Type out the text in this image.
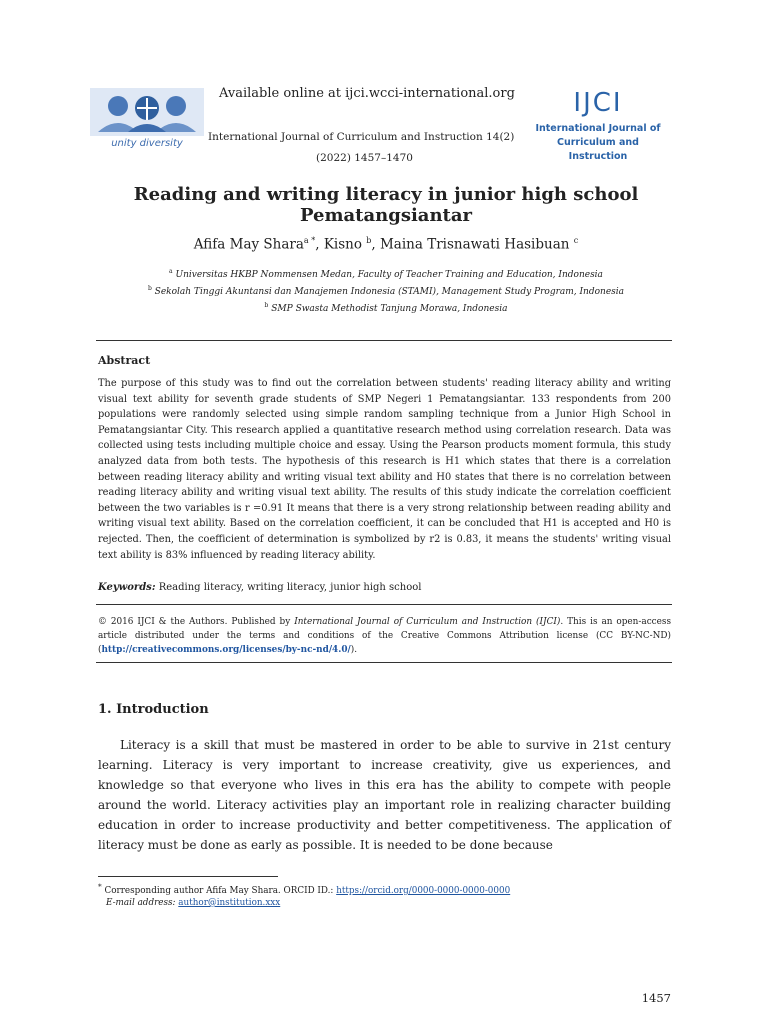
unity diversity
Available online at ijci.wcci-international.org
International Journal of Curriculum and Instruction 14(2)
(2022) 1457–1470
IJCI
International Journal of
Curriculum and Instruction
Reading and writing literacy in junior high school Pematangsiantar
Afifa May Shara$^{a *}$, Kisno $^b$, Maina Trisnawati Hasibuan $^c$
$^a$ Universitas HKBP Nommensen Medan, Faculty of Teacher Training and Education, Indonesia
$^b$ Sekolah Tinggi Akuntansi dan Manajemen Indonesia (STAMI), Management Study Program, Indonesia
$^b$ SMP Swasta Methodist Tanjung Morawa, Indonesia
Abstract
The purpose of this study was to find out the correlation between students' reading literacy ability and writing visual text ability for seventh grade students of SMP Negeri 1 Pematangsiantar. 133 respondents from 200 populations were randomly selected using simple random sampling technique from a Junior High School in Pematangsiantar City. This research applied a quantitative research method using correlation research. Data was collected using tests including multiple choice and essay. Using the Pearson products moment formula, this study analyzed data from both tests. The hypothesis of this research is H1 which states that there is a correlation between reading literacy ability and writing visual text ability and H0 states that there is no correlation between reading literacy ability and writing visual text ability. The results of this study indicate the correlation coefficient between the two variables is r =0.91 It means that there is a very strong relationship between reading ability and writing visual text ability. Based on the correlation coefficient, it can be concluded that H1 is accepted and H0 is rejected. Then, the coefficient of determination is symbolized by r2 is 0.83, it means the students' writing visual text ability is 83% influenced by reading literacy ability.
Keywords: Reading literacy, writing literacy, junior high school
© 2016 IJCI & the Authors. Published by International Journal of Curriculum and Instruction (IJCI). This is an open-access article distributed under the terms and conditions of the Creative Commons Attribution license (CC BY-NC-ND) (http://creativecommons.org/licenses/by-nc-nd/4.0/).
1. Introduction

Literacy is a skill that must be mastered in order to be able to survive in 21st century learning. Literacy is very important to increase creativity, give us experiences, and knowledge so that everyone who lives in this era has the ability to compete with people around the world. Literacy activities play an important role in realizing character building education in order to increase productivity and better competitiveness. The application of literacy must be done as early as possible. It is needed to be done because

* Corresponding author Afifa May Shara. ORCID ID.: https://orcid.org/0000-0000-0000-0000
E-mail address: author@institution.xxx
1457
